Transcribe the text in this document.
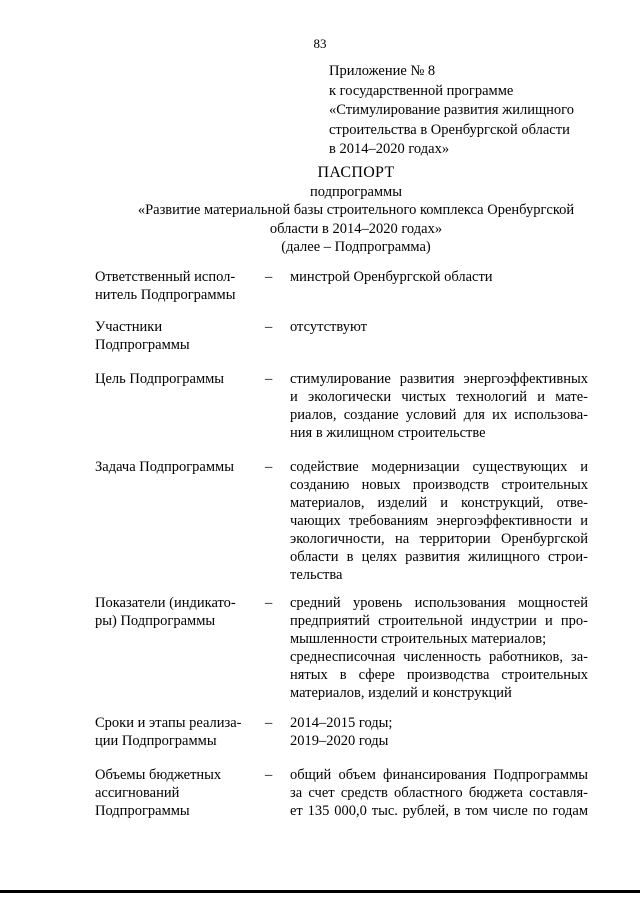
83
Приложение № 8
к государственной программе
«Стимулирование развития жилищного
строительства в Оренбургской области
в 2014–2020 годах»
ПАСПОРТ
подпрограммы
«Развитие материальной базы строительного комплекса Оренбургской
области в 2014–2020 годах»
(далее – Подпрограмма)
Ответственный испол-
нитель Подпрограммы
– минстрой Оренбургской области
Участники
Подпрограммы
– отсутствуют
Цель Подпрограммы	– стимулирование развития энергоэффективных
и экологически чистых технологий и мате-
риалов, создание условий для их использова-
ния в жилищном строительстве
Задача Подпрограммы	– содействие модернизации существующих и
созданию новых производств строительных
материалов, изделий и конструкций, отве-
чающих требованиям энергоэффективности и
экологичности, на территории Оренбургской
области в целях развития жилищного строи-
тельства
Показатели (индикато-
ры) Подпрограммы
– средний уровень использования мощностей
предприятий строительной индустрии и про-
мышленности строительных материалов;
среднесписочная численность работников, за-
нятых в сфере производства строительных
материалов, изделий и конструкций
Сроки и этапы реализа-
ции Подпрограммы
– 2014–2015 годы;
2019–2020 годы
Объемы бюджетных
ассигнований
Подпрограммы
– общий объем финансирования Подпрограммы
за счет средств областного бюджета составля-
ет 135 000,0 тыс. рублей, в том числе по годам
